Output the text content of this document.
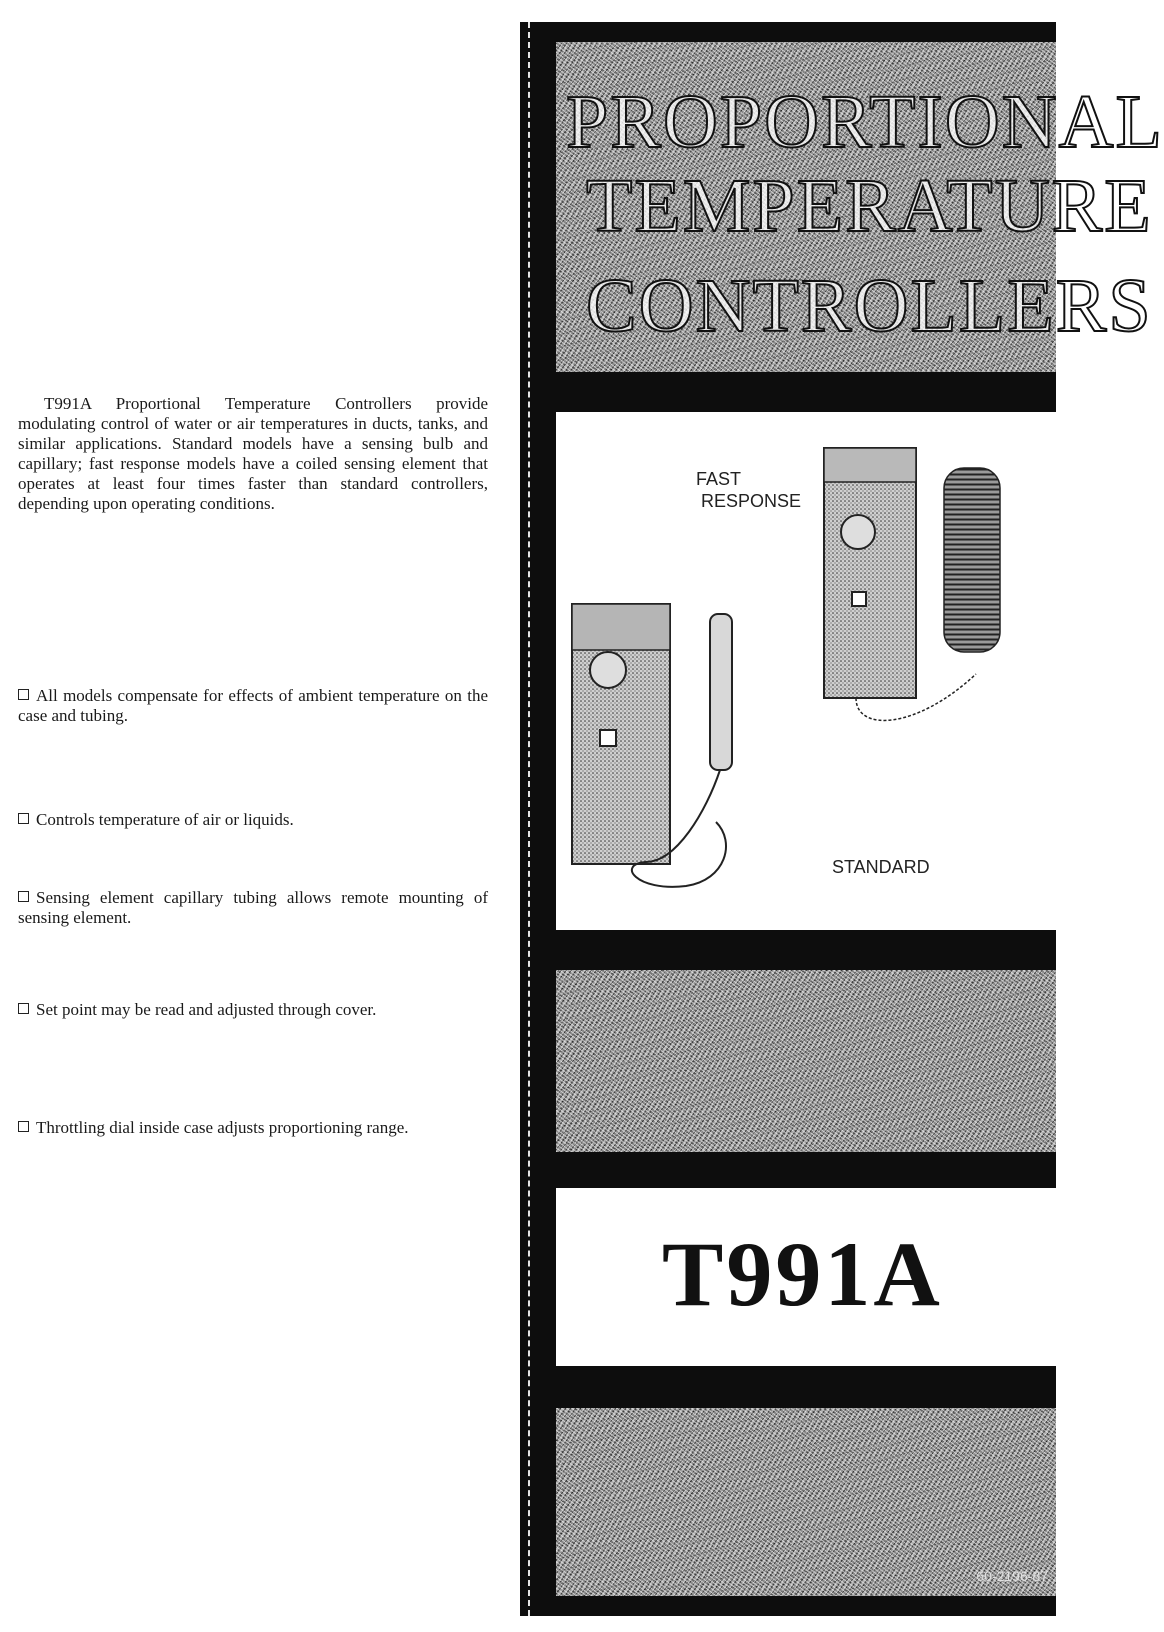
T991A Proportional Temperature Controllers provide modulating control of water or air temperatures in ducts, tanks, and similar applications. Standard models have a sensing bulb and capillary; fast response models have a coiled sensing element that operates at least four times faster than standard controllers, depending upon operating conditions.

All models compensate for effects of ambient temperature on the case and tubing.
Controls temperature of air or liquids.
Sensing element capillary tubing allows remote mounting of sensing element.
Set point may be read and adjusted through cover.
Throttling dial inside case adjusts proportioning range.
PROPORTIONAL
TEMPERATURE
CONTROLLERS
FAST
RESPONSE
STANDARD
T991A
60-2196-87
